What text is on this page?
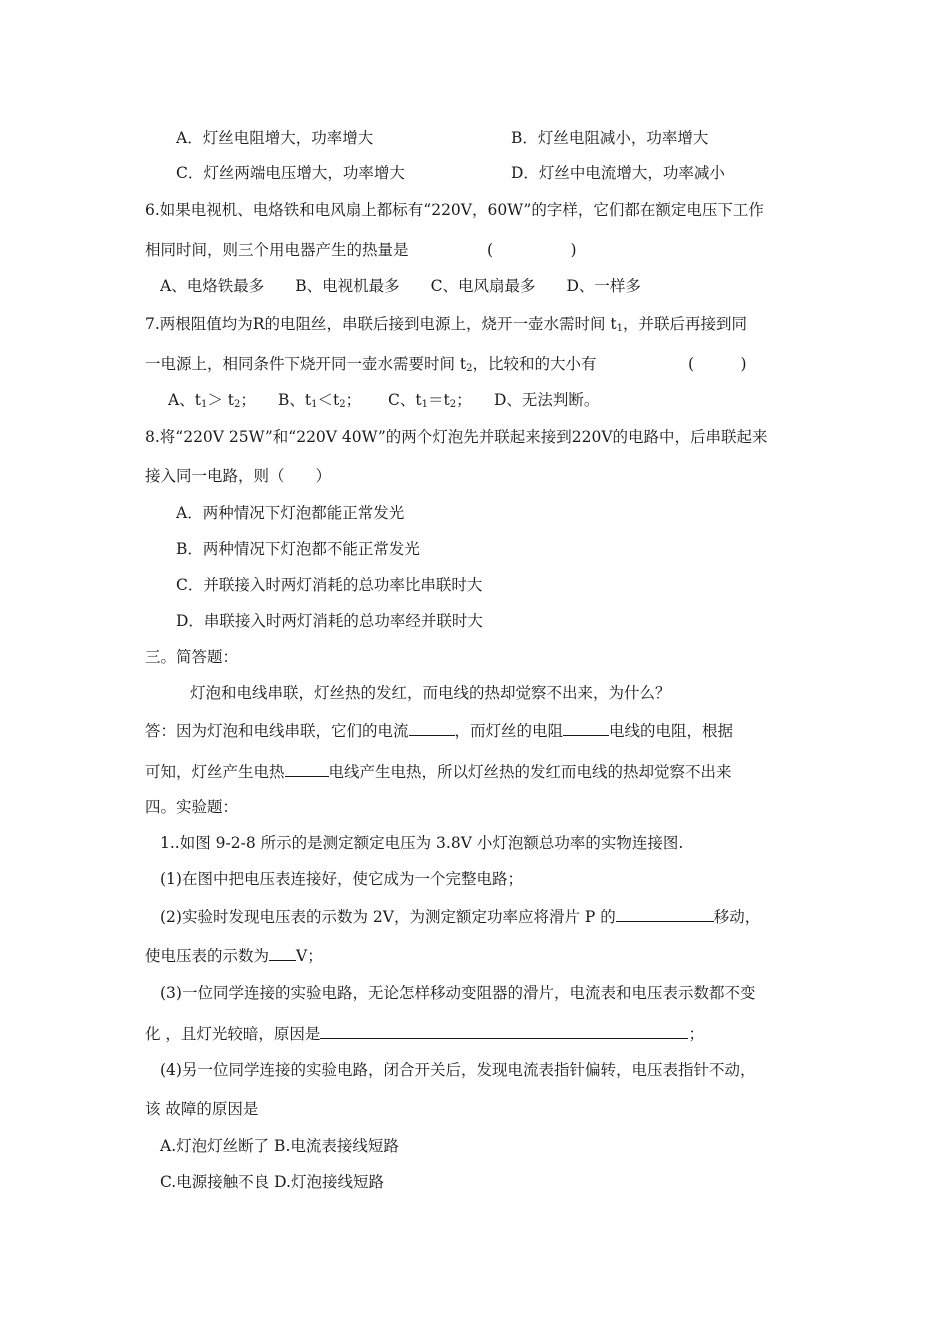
A．灯丝电阻增大，功率增大	B．灯丝电阻减小，功率增大
C．灯丝两端电压增大，功率增大	D．灯丝中电流增大，功率减小
6.如果电视机、电烙铁和电风扇上都标有“220V，60W”的字样，它们都在额定电压下工作
相同时间，则三个用电器产生的热量是	(　　　　　)
A、电烙铁最多　　B、电视机最多　　C、电风扇最多　　D、一样多
7.两根阻值均为R的电阻丝，串联后接到电源上，烧开一壶水需时间 $t_1$，并联后再接到同
一电源上，相同条件下烧开同一壶水需要时间 $t_2$，比较和的大小有	(　　　)
A、$t_1> t_2$； B、$t_1<t_2$； C、$t_1=t_2$； D、无法判断。
8.将“220V 25W”和“220V 40W”的两个灯泡先并联起来接到220V的电路中，后串联起来
接入同一电路，则（　　）
A．两种情况下灯泡都能正常发光
B．两种情况下灯泡都不能正常发光
C．并联接入时两灯消耗的总功率比串联时大
D．串联接入时两灯消耗的总功率经并联时大
三。简答题：
灯泡和电线串联，灯丝热的发红，而电线的热却觉察不出来，为什么？
答：因为灯泡和电线串联，它们的电流	，而灯丝的电阻	电线的电阻，根据
可知，灯丝产生电热	电线产生电热，所以灯丝热的发红而电线的热却觉察不出来
四。实验题：
1..如图 9-2-8 所示的是测定额定电压为 3.8V 小灯泡额总功率的实物连接图.
(1)在图中把电压表连接好，使它成为一个完整电路；
(2)实验时发现电压表的示数为 2V，为测定额定功率应将滑片 P 的	移动，
使电压表的示数为 V；
(3)一位同学连接的实验电路，无论怎样移动变阻器的滑片，电流表和电压表示数都不变
化 ，且灯光较暗，原因是	；
(4)另一位同学连接的实验电路，闭合开关后，发现电流表指针偏转，电压表指针不动，
该 故障的原因是
A.灯泡灯丝断了 B.电流表接线短路
C.电源接触不良 D.灯泡接线短路
